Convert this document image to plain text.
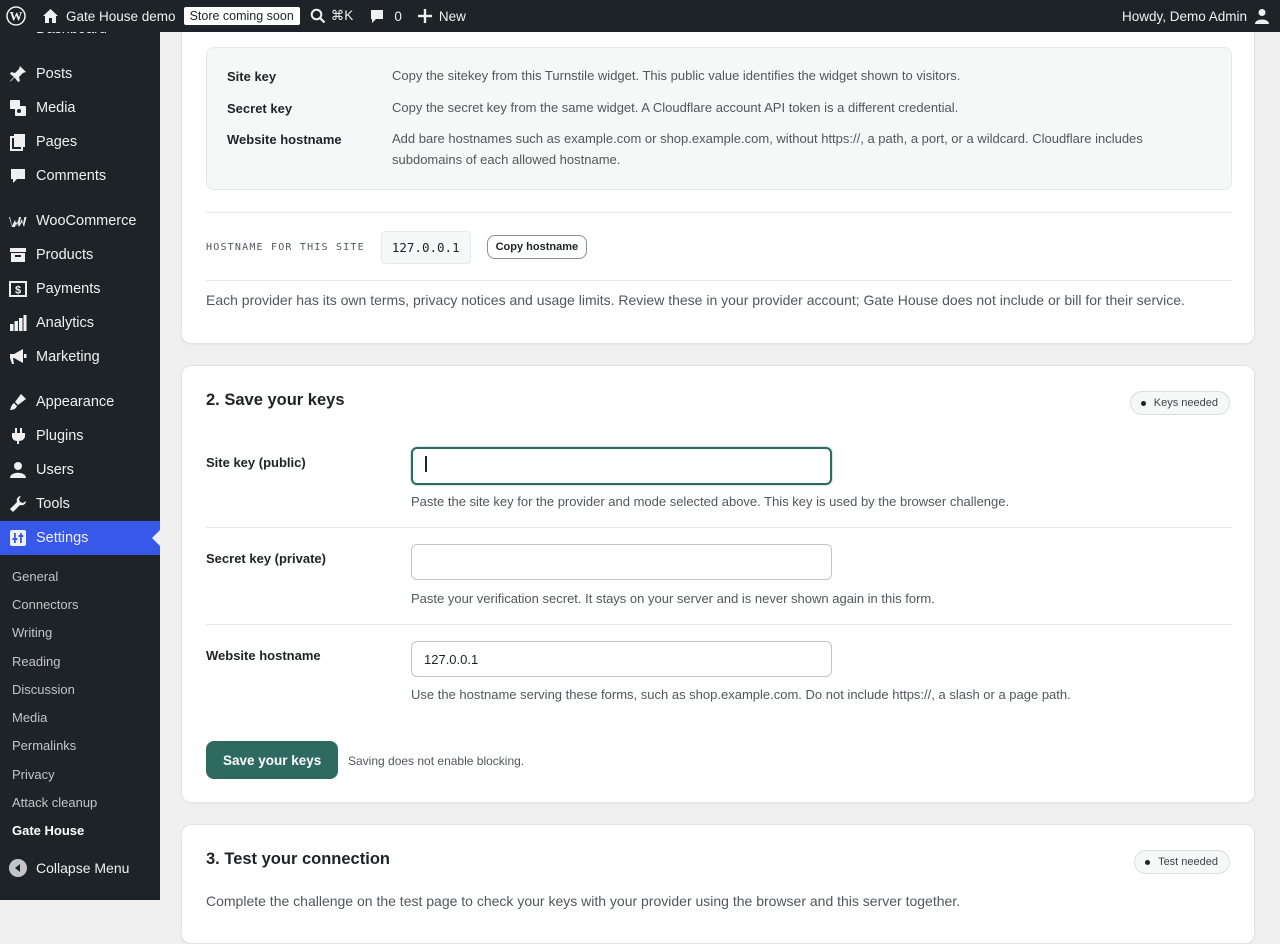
W	Gate House demo	Store coming soon	⌘K	0	New	Howdy, Demo Admin
Posts
Media
Pages
Comments
WooCommerce
Products
$ Payments
Analytics
Marketing
Appearance
Plugins
Users
Tools
Settings
General
Connectors
Writing
Reading
Discussion
Media
Permalinks
Privacy
Attack cleanup
Gate House
Collapse Menu
Site key	Copy the sitekey from this Turnstile widget. This public value identifies the widget shown to visitors.
Secret key	Copy the secret key from the same widget. A Cloudflare account API token is a different credential.
Website hostname	Add bare hostnames such as example.com or shop.example.com, without https://, a path, a port, or a wildcard. Cloudflare includes subdomains of each allowed hostname.
HOSTNAME FOR THIS SITE	127.0.0.1	Copy hostname
Each provider has its own terms, privacy notices and usage limits. Review these in your provider account; Gate House does not include or bill for their service.
2. Save your keys	Keys needed
Site key (public)
Paste the site key for the provider and mode selected above. This key is used by the browser challenge.
Secret key (private)
Paste your verification secret. It stays on your server and is never shown again in this form.
Website hostname
127.0.0.1
Use the hostname serving these forms, such as shop.example.com. Do not include https://, a slash or a page path.
Save your keys	Saving does not enable blocking.
3. Test your connection	Test needed
Complete the challenge on the test page to check your keys with your provider using the browser and this server together.
